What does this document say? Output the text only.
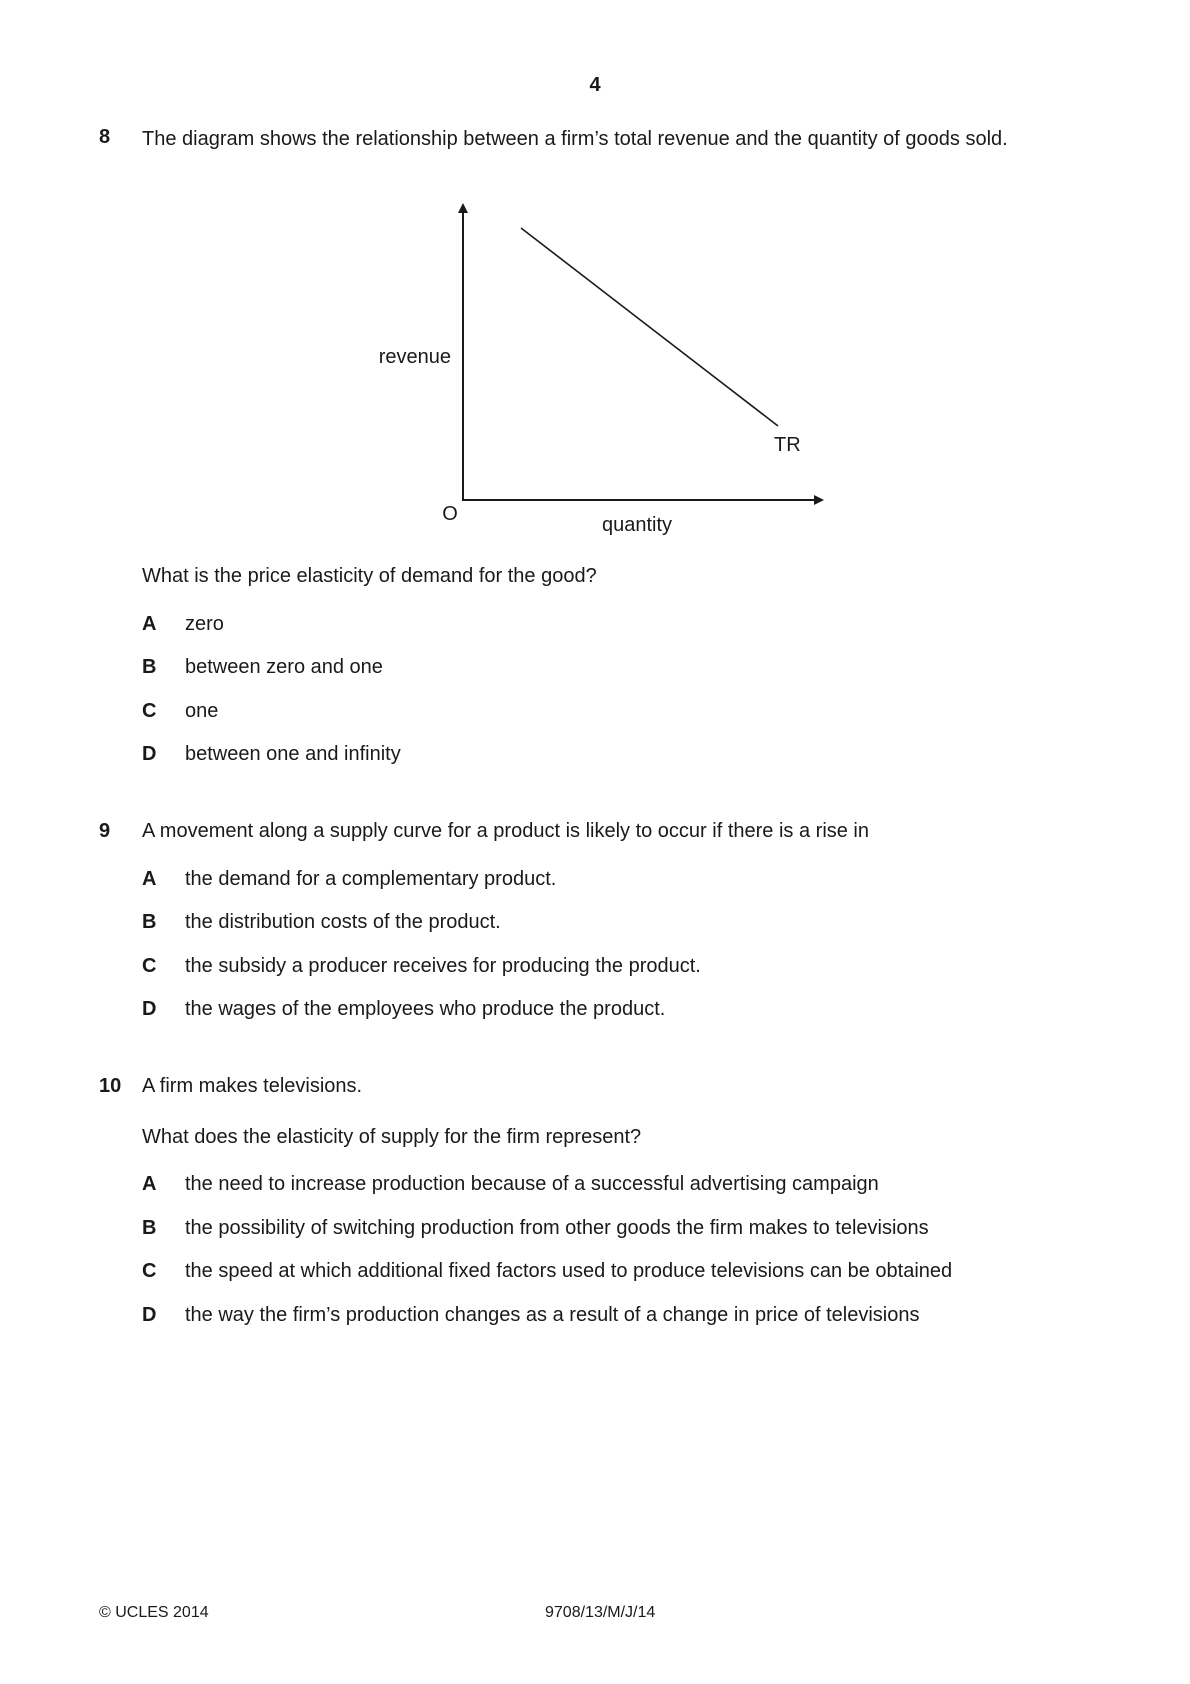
4
8 The diagram shows the relationship between a firm’s total revenue and the quantity of goods sold.
revenue
quantity
O
TR
What is the price elasticity of demand for the good?
A zero
B between zero and one
C one
D between one and infinity
9 A movement along a supply curve for a product is likely to occur if there is a rise in
A the demand for a complementary product.
B the distribution costs of the product.
C the subsidy a producer receives for producing the product.
D the wages of the employees who produce the product.
10 A firm makes televisions.
What does the elasticity of supply for the firm represent?
A the need to increase production because of a successful advertising campaign
B the possibility of switching production from other goods the firm makes to televisions
C the speed at which additional fixed factors used to produce televisions can be obtained
D the way the firm’s production changes as a result of a change in price of televisions
© UCLES 2014	9708/13/M/J/14
